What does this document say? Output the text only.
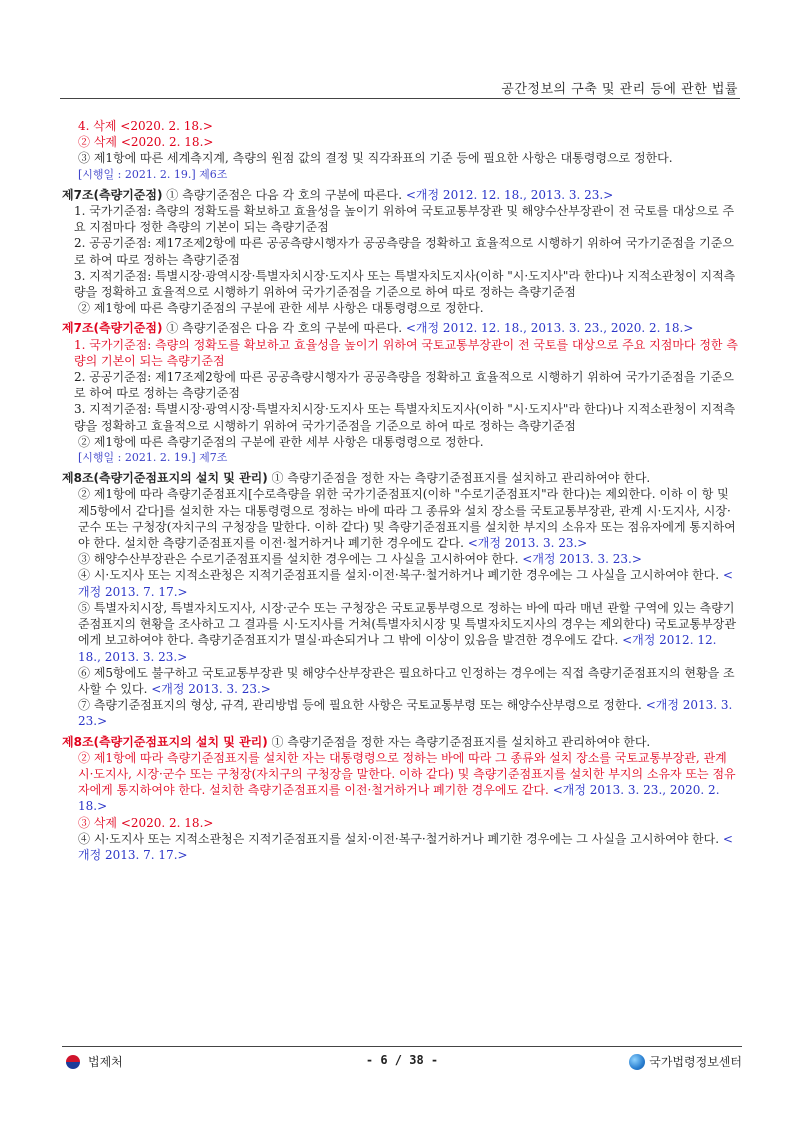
공간정보의 구축 및 관리 등에 관한 법률
4. 삭제 <2020. 2. 18.>
② 삭제 <2020. 2. 18.>
③ 제1항에 따른 세계측지계, 측량의 원점 값의 결정 및 직각좌표의 기준 등에 필요한 사항은 대통령령으로 정한다.
[시행일 : 2021. 2. 19.] 제6조
제7조(측량기준점) ① 측량기준점은 다음 각 호의 구분에 따른다. <개정 2012. 12. 18., 2013. 3. 23.>
1. 국가기준점: 측량의 정확도를 확보하고 효율성을 높이기 위하여 국토교통부장관 및 해양수산부장관이 전 국토를 대상으로 주요 지점마다 정한 측량의 기본이 되는 측량기준점
2. 공공기준점: 제17조제2항에 따른 공공측량시행자가 공공측량을 정확하고 효율적으로 시행하기 위하여 국가기준점을 기준으로 하여 따로 정하는 측량기준점
3. 지적기준점: 특별시장·광역시장·특별자치시장·도지사 또는 특별자치도지사(이하 "시·도지사"라 한다)나 지적소관청이 지적측량을 정확하고 효율적으로 시행하기 위하여 국가기준점을 기준으로 하여 따로 정하는 측량기준점
② 제1항에 따른 측량기준점의 구분에 관한 세부 사항은 대통령령으로 정한다.
제7조(측량기준점) ① 측량기준점은 다음 각 호의 구분에 따른다. <개정 2012. 12. 18., 2013. 3. 23., 2020. 2. 18.>
1. 국가기준점: 측량의 정확도를 확보하고 효율성을 높이기 위하여 국토교통부장관이 전 국토를 대상으로 주요 지점마다 정한 측량의 기본이 되는 측량기준점
2. 공공기준점: 제17조제2항에 따른 공공측량시행자가 공공측량을 정확하고 효율적으로 시행하기 위하여 국가기준점을 기준으로 하여 따로 정하는 측량기준점
3. 지적기준점: 특별시장·광역시장·특별자치시장·도지사 또는 특별자치도지사(이하 "시·도지사"라 한다)나 지적소관청이 지적측량을 정확하고 효율적으로 시행하기 위하여 국가기준점을 기준으로 하여 따로 정하는 측량기준점
② 제1항에 따른 측량기준점의 구분에 관한 세부 사항은 대통령령으로 정한다.
[시행일 : 2021. 2. 19.] 제7조
제8조(측량기준점표지의 설치 및 관리) ① 측량기준점을 정한 자는 측량기준점표지를 설치하고 관리하여야 한다.
② 제1항에 따라 측량기준점표지[수로측량을 위한 국가기준점표지(이하 "수로기준점표지"라 한다)는 제외한다. 이하 이 항 및 제5항에서 같다]를 설치한 자는 대통령령으로 정하는 바에 따라 그 종류와 설치 장소를 국토교통부장관, 관계 시·도지사, 시장·군수 또는 구청장(자치구의 구청장을 말한다. 이하 같다) 및 측량기준점표지를 설치한 부지의 소유자 또는 점유자에게 통지하여야 한다. 설치한 측량기준점표지를 이전·철거하거나 폐기한 경우에도 같다. <개정 2013. 3. 23.>
③ 해양수산부장관은 수로기준점표지를 설치한 경우에는 그 사실을 고시하여야 한다. <개정 2013. 3. 23.>
④ 시·도지사 또는 지적소관청은 지적기준점표지를 설치·이전·복구·철거하거나 폐기한 경우에는 그 사실을 고시하여야 한다. <개정 2013. 7. 17.>
⑤ 특별자치시장, 특별자치도지사, 시장·군수 또는 구청장은 국토교통부령으로 정하는 바에 따라 매년 관할 구역에 있는 측량기준점표지의 현황을 조사하고 그 결과를 시·도지사를 거쳐(특별자치시장 및 특별자치도지사의 경우는 제외한다) 국토교통부장관에게 보고하여야 한다. 측량기준점표지가 멸실·파손되거나 그 밖에 이상이 있음을 발견한 경우에도 같다. <개정 2012. 12. 18., 2013. 3. 23.>
⑥ 제5항에도 불구하고 국토교통부장관 및 해양수산부장관은 필요하다고 인정하는 경우에는 직접 측량기준점표지의 현황을 조사할 수 있다. <개정 2013. 3. 23.>
⑦ 측량기준점표지의 형상, 규격, 관리방법 등에 필요한 사항은 국토교통부령 또는 해양수산부령으로 정한다. <개정 2013. 3. 23.>
제8조(측량기준점표지의 설치 및 관리) ① 측량기준점을 정한 자는 측량기준점표지를 설치하고 관리하여야 한다.
② 제1항에 따라 측량기준점표지를 설치한 자는 대통령령으로 정하는 바에 따라 그 종류와 설치 장소를 국토교통부장관, 관계 시·도지사, 시장·군수 또는 구청장(자치구의 구청장을 말한다. 이하 같다) 및 측량기준점표지를 설치한 부지의 소유자 또는 점유자에게 통지하여야 한다. 설치한 측량기준점표지를 이전·철거하거나 폐기한 경우에도 같다. <개정 2013. 3. 23., 2020. 2. 18.>
③ 삭제 <2020. 2. 18.>
④ 시·도지사 또는 지적소관청은 지적기준점표지를 설치·이전·복구·철거하거나 폐기한 경우에는 그 사실을 고시하여야 한다. <개정 2013. 7. 17.>
법제처	- 6 / 38 -	국가법령정보센터
